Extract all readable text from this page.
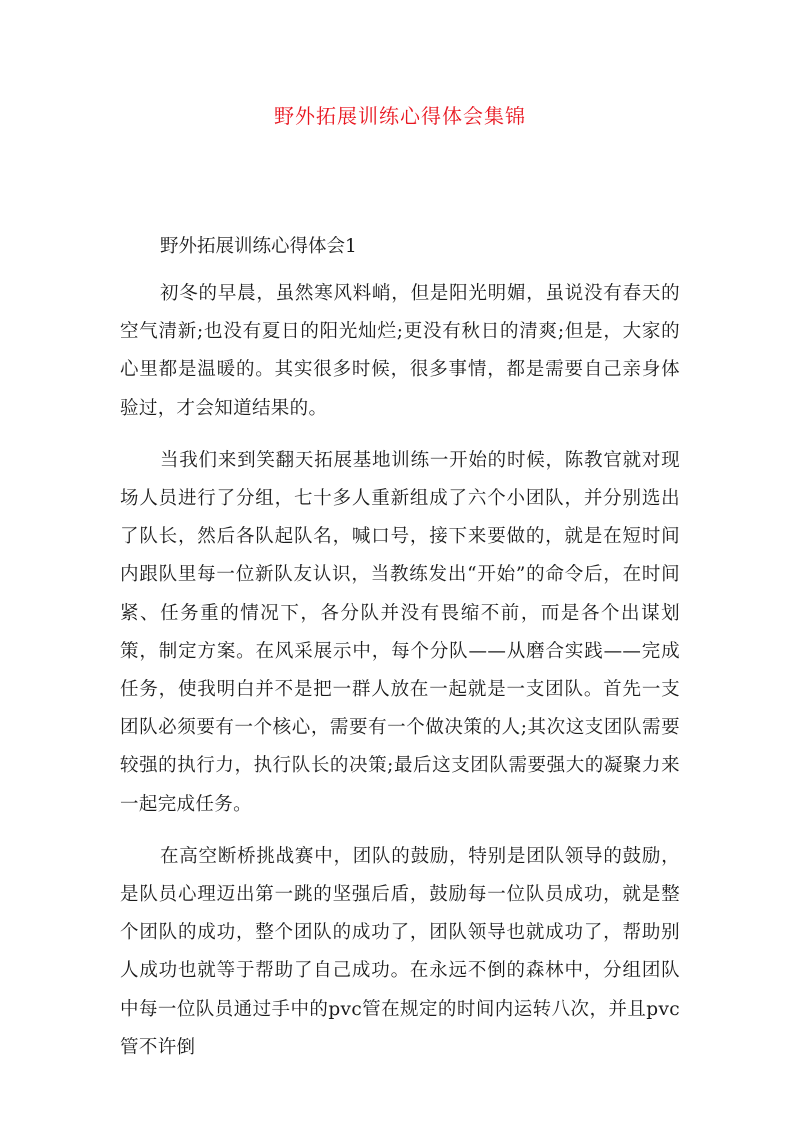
野外拓展训练心得体会集锦
野外拓展训练心得体会1

初冬的早晨，虽然寒风料峭，但是阳光明媚，虽说没有春天的空气清新;也没有夏日的阳光灿烂;更没有秋日的清爽;但是，大家的心里都是温暖的。其实很多时候，很多事情，都是需要自己亲身体验过，才会知道结果的。

当我们来到笑翻天拓展基地训练一开始的时候，陈教官就对现场人员进行了分组，七十多人重新组成了六个小团队，并分别选出了队长，然后各队起队名，喊口号，接下来要做的，就是在短时间内跟队里每一位新队友认识，当教练发出“开始”的命令后，在时间紧、任务重的情况下，各分队并没有畏缩不前，而是各个出谋划策，制定方案。在风采展示中，每个分队——从磨合实践——完成任务，使我明白并不是把一群人放在一起就是一支团队。首先一支团队必须要有一个核心，需要有一个做决策的人;其次这支团队需要较强的执行力，执行队长的决策;最后这支团队需要强大的凝聚力来一起完成任务。

在高空断桥挑战赛中，团队的鼓励，特别是团队领导的鼓励，是队员心理迈出第一跳的坚强后盾，鼓励每一位队员成功，就是整个团队的成功，整个团队的成功了，团队领导也就成功了，帮助别人成功也就等于帮助了自己成功。在永远不倒的森林中，分组团队中每一位队员通过手中的pvc管在规定的时间内运转八次，并且pvc管不许倒
